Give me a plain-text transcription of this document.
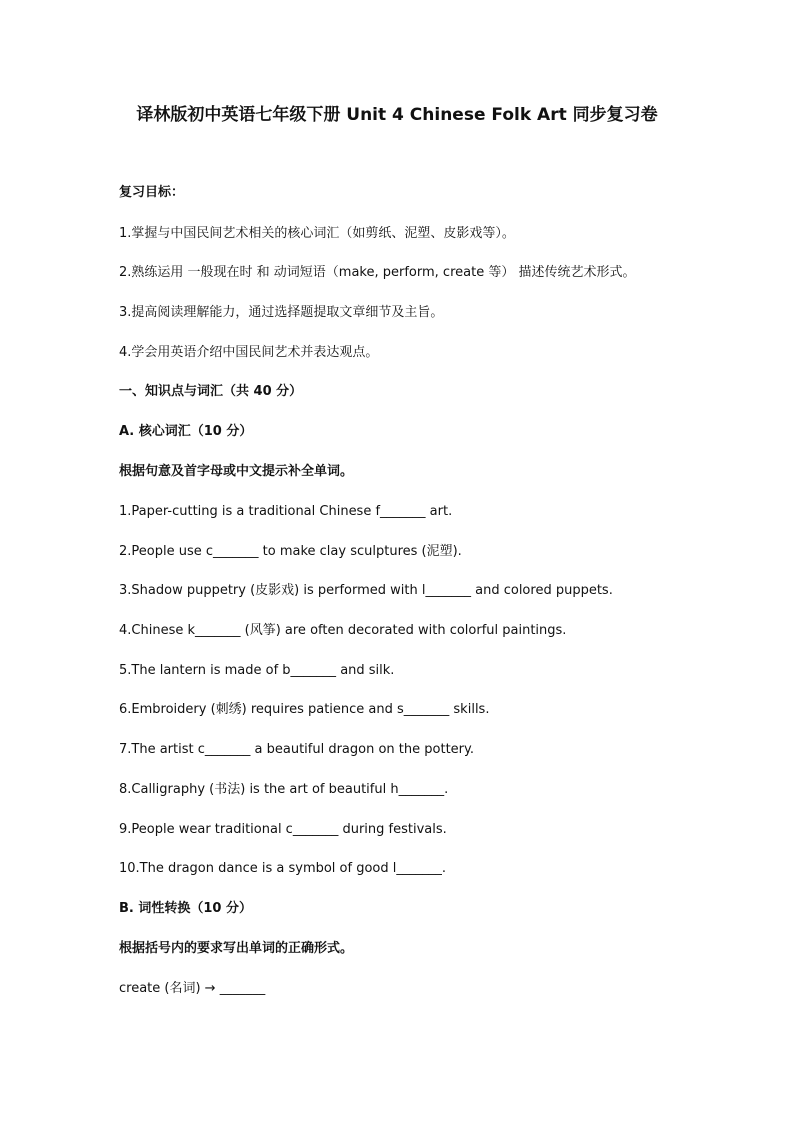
译林版初中英语七年级下册 Unit 4 Chinese Folk Art 同步复习卷
复习目标：
1.掌握与中国民间艺术相关的核心词汇（如剪纸、泥塑、皮影戏等）。
2.熟练运用 一般现在时 和 动词短语（make, perform, create 等） 描述传统艺术形式。
3.提高阅读理解能力，通过选择题提取文章细节及主旨。
4.学会用英语介绍中国民间艺术并表达观点。
一、知识点与词汇（共 40 分）
A. 核心词汇（10 分）
根据句意及首字母或中文提示补全单词。
1.Paper-cutting is a traditional Chinese f_______ art.
2.People use c_______ to make clay sculptures (泥塑).
3.Shadow puppetry (皮影戏) is performed with l_______ and colored puppets.
4.Chinese k_______ (风筝) are often decorated with colorful paintings.
5.The lantern is made of b_______ and silk.
6.Embroidery (刺绣) requires patience and s_______ skills.
7.The artist c_______ a beautiful dragon on the pottery.
8.Calligraphy (书法) is the art of beautiful h_______.
9.People wear traditional c_______ during festivals.
10.The dragon dance is a symbol of good l_______.
B. 词性转换（10 分）
根据括号内的要求写出单词的正确形式。
create (名词) → _______
